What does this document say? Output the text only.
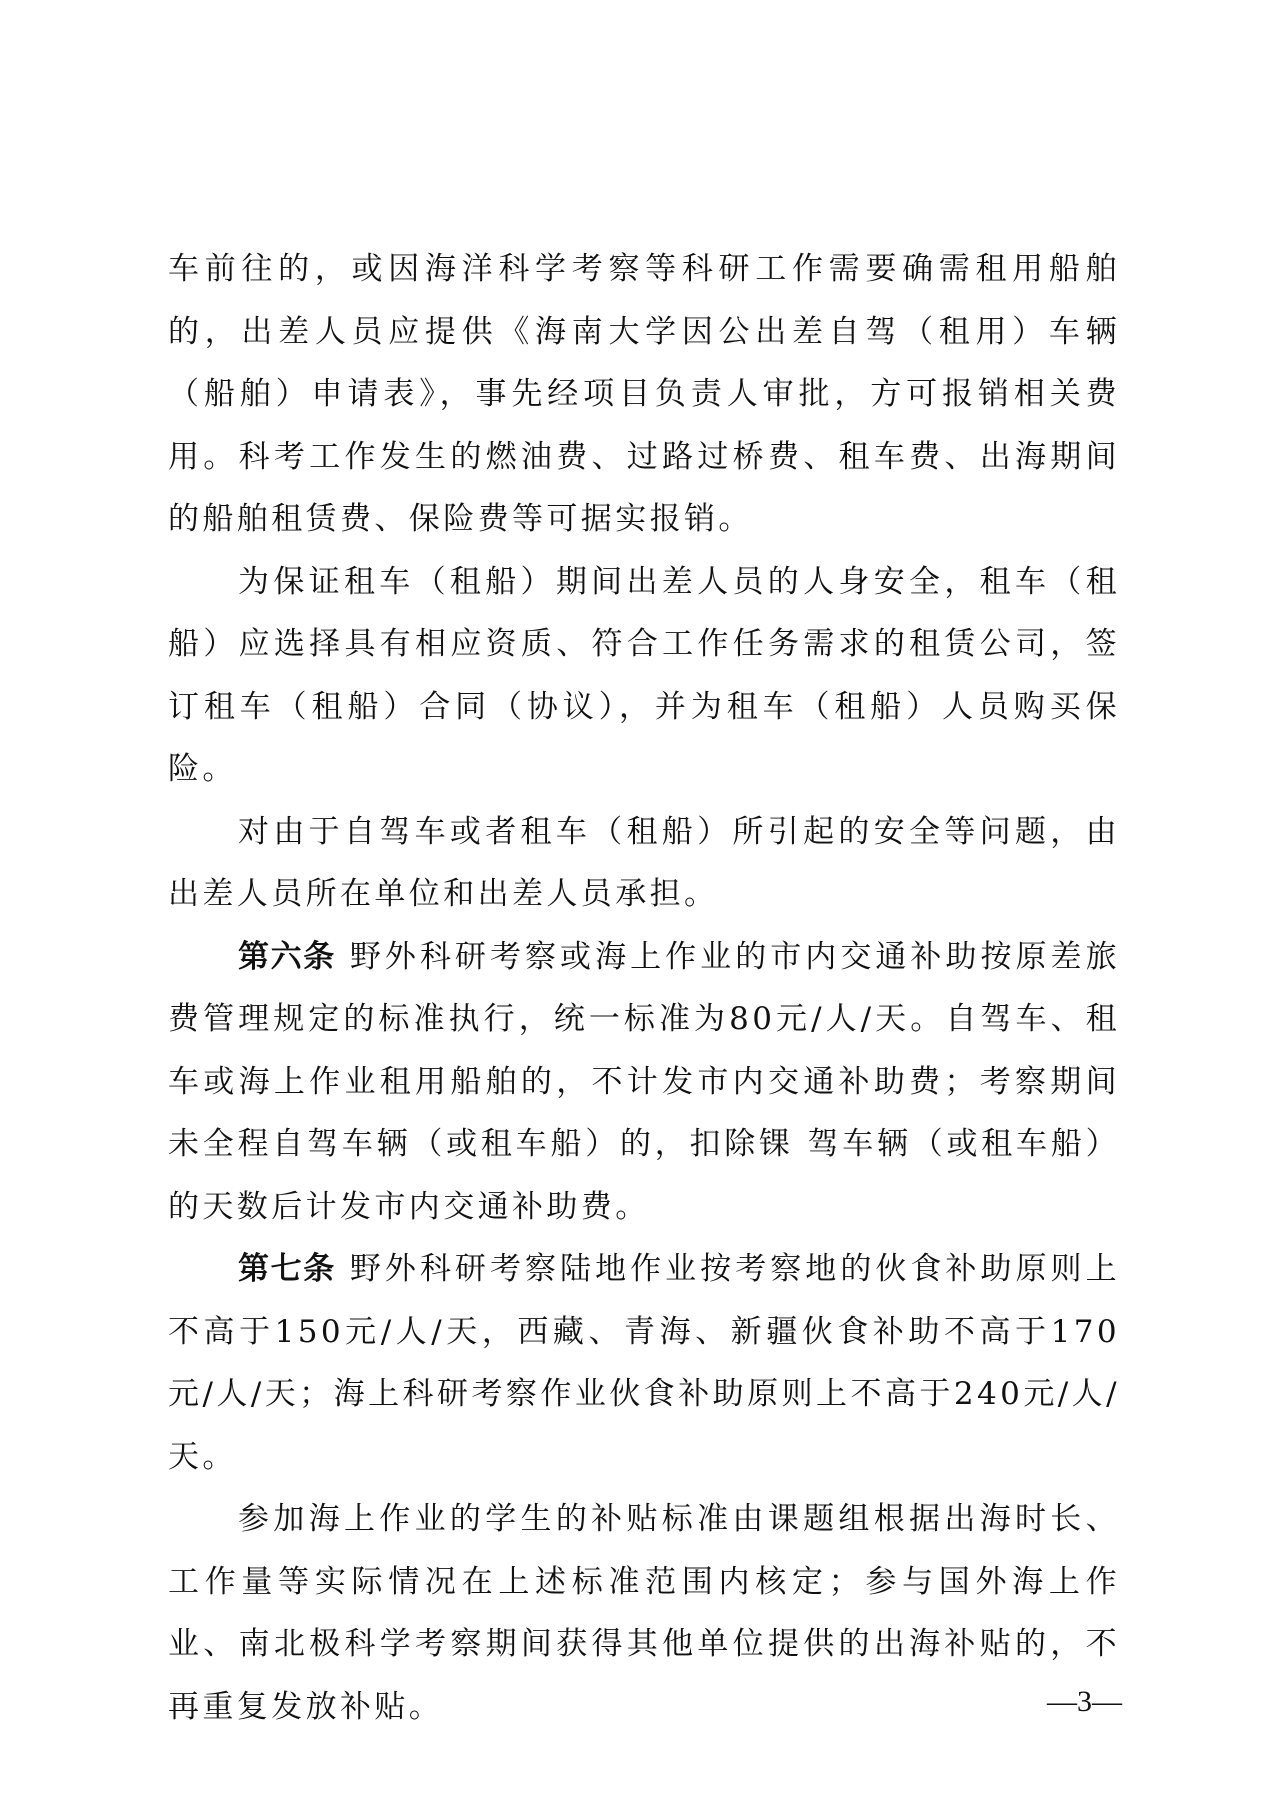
车前往的，或因海洋科学考察等科研工作需要确需租用船舶的，出差人员应提供《海南大学因公出差自驾（租用）车辆（船舶）申请表》，事先经项目负责人审批，方可报销相关费用。科考工作发生的燃油费、过路过桥费、租车费、出海期间的船舶租赁费、保险费等可据实报销。

为保证租车（租船）期间出差人员的人身安全，租车（租船）应选择具有相应资质、符合工作任务需求的租赁公司，签订租车（租船）合同（协议），并为租车（租船）人员购买保险。

对由于自驾车或者租车（租船）所引起的安全等问题，由出差人员所在单位和出差人员承担。

第六条 野外科研考察或海上作业的市内交通补助按原差旅费管理规定的标准执行，统一标准为80元/人/天。自驾车、租车或海上作业租用船舶的，不计发市内交通补助费；考察期间未全程自驾车辆（或租车船）的，扣除锞 驾车辆（或租车船）的天数后计发市内交通补助费。

第七条 野外科研考察陆地作业按考察地的伙食补助原则上不高于150元/人/天，西藏、青海、新疆伙食补助不高于170元/人/天；海上科研考察作业伙食补助原则上不高于240元/人/天。

参加海上作业的学生的补贴标准由课题组根据出海时长、工作量等实际情况在上述标准范围内核定；参与国外海上作业、南北极科学考察期间获得其他单位提供的出海补贴的，不再重复发放补贴。	—3—
